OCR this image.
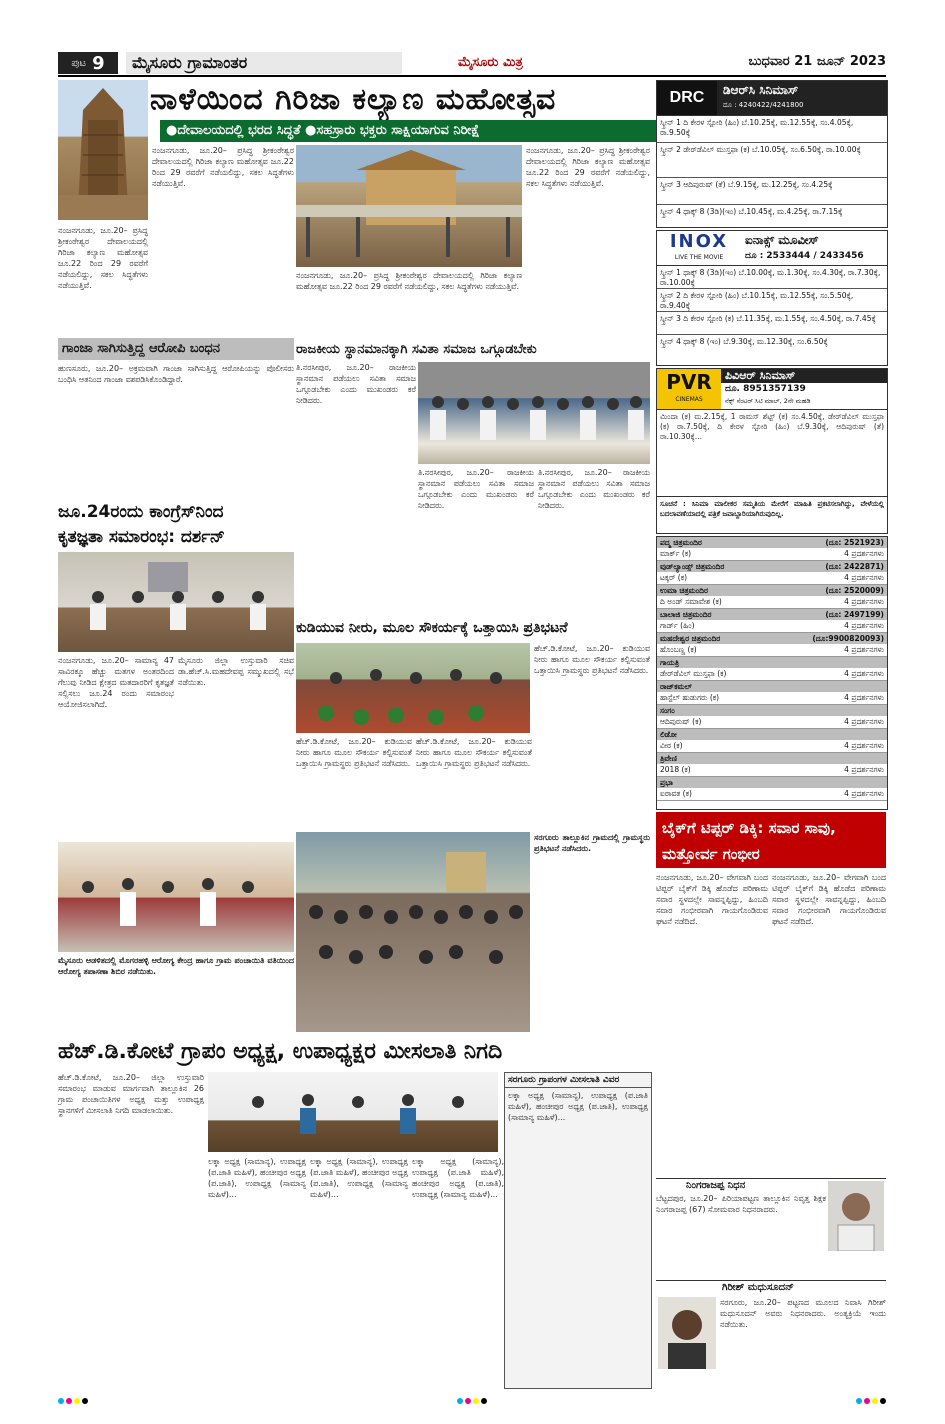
ಪುಟ 9	ಮೈಸೂರು ಗ್ರಾಮಾಂತರ	ಮೈಸೂರು ಮಿತ್ರ	ಬುಧವಾರ 21 ಜೂನ್ 2023
ನಾಳೆಯಿಂದ ಗಿರಿಜಾ ಕಲ್ಯಾಣ ಮಹೋತ್ಸವ
●ದೇವಾಲಯದಲ್ಲಿ ಭರದ ಸಿದ್ಧತೆ ●ಸಹಸ್ರಾರು ಭಕ್ತರು ಸಾಕ್ಷಿಯಾಗುವ ನಿರೀಕ್ಷೆ
ನಂಜನಗೂಡು, ಜೂ.20– ಪ್ರಸಿದ್ಧ ಶ್ರೀಕಂಠೇಶ್ವರ ದೇವಾಲಯದಲ್ಲಿ ಗಿರಿಜಾ ಕಲ್ಯಾಣ ಮಹೋತ್ಸವ ಜೂ.22 ರಿಂದ 29 ರವರೆಗೆ ನಡೆಯಲಿದ್ದು, ಸಕಲ ಸಿದ್ಧತೆಗಳು ನಡೆಯುತ್ತಿವೆ.
ನಂಜನಗೂಡು, ಜೂ.20– ಪ್ರಸಿದ್ಧ ಶ್ರೀಕಂಠೇಶ್ವರ ದೇವಾಲಯದಲ್ಲಿ ಗಿರಿಜಾ ಕಲ್ಯಾಣ ಮಹೋತ್ಸವ ಜೂ.22 ರಿಂದ 29 ರವರೆಗೆ ನಡೆಯಲಿದ್ದು, ಸಕಲ ಸಿದ್ಧತೆಗಳು ನಡೆಯುತ್ತಿವೆ.
ನಂಜನಗೂಡು, ಜೂ.20– ಪ್ರಸಿದ್ಧ ಶ್ರೀಕಂಠೇಶ್ವರ ದೇವಾಲಯದಲ್ಲಿ ಗಿರಿಜಾ ಕಲ್ಯಾಣ ಮಹೋತ್ಸವ ಜೂ.22 ರಿಂದ 29 ರವರೆಗೆ ನಡೆಯಲಿದ್ದು, ಸಕಲ ಸಿದ್ಧತೆಗಳು ನಡೆಯುತ್ತಿವೆ.
ನಂಜನಗೂಡು, ಜೂ.20– ಪ್ರಸಿದ್ಧ ಶ್ರೀಕಂಠೇಶ್ವರ ದೇವಾಲಯದಲ್ಲಿ ಗಿರಿಜಾ ಕಲ್ಯಾಣ ಮಹೋತ್ಸವ ಜೂ.22 ರಿಂದ 29 ರವರೆಗೆ ನಡೆಯಲಿದ್ದು, ಸಕಲ ಸಿದ್ಧತೆಗಳು ನಡೆಯುತ್ತಿವೆ.
ಗಾಂಜಾ ಸಾಗಿಸುತ್ತಿದ್ದ ಆರೋಪಿ ಬಂಧನ
ಹುಣಸೂರು, ಜೂ.20– ಅಕ್ರಮವಾಗಿ ಗಾಂಜಾ ಸಾಗಿಸುತ್ತಿದ್ದ ಆರೋಪಿಯನ್ನು ಪೊಲೀಸರು ಬಂಧಿಸಿ ಆತನಿಂದ ಗಾಂಜಾ ವಶಪಡಿಸಿಕೊಂಡಿದ್ದಾರೆ.
ರಾಜಕೀಯ ಸ್ಥಾನಮಾನಕ್ಕಾಗಿ ಸವಿತಾ ಸಮಾಜ ಒಗ್ಗೂಡಬೇಕು
ತಿ.ನರಸೀಪುರ, ಜೂ.20– ರಾಜಕೀಯ ಸ್ಥಾನಮಾನ ಪಡೆಯಲು ಸವಿತಾ ಸಮಾಜ ಒಗ್ಗೂಡಬೇಕು ಎಂದು ಮುಖಂಡರು ಕರೆ ನೀಡಿದರು.
ತಿ.ನರಸೀಪುರ, ಜೂ.20– ರಾಜಕೀಯ ಸ್ಥಾನಮಾನ ಪಡೆಯಲು ಸವಿತಾ ಸಮಾಜ ಒಗ್ಗೂಡಬೇಕು ಎಂದು ಮುಖಂಡರು ಕರೆ ನೀಡಿದರು.
ತಿ.ನರಸೀಪುರ, ಜೂ.20– ರಾಜಕೀಯ ಸ್ಥಾನಮಾನ ಪಡೆಯಲು ಸವಿತಾ ಸಮಾಜ ಒಗ್ಗೂಡಬೇಕು ಎಂದು ಮುಖಂಡರು ಕರೆ ನೀಡಿದರು.
ಜೂ.24ರಂದು ಕಾಂಗ್ರೆಸ್‌ನಿಂದ
ಕೃತಜ್ಞತಾ ಸಮಾರಂಭ: ದರ್ಶನ್
ನಂಜನಗೂಡು, ಜೂ.20– ಸಾಮಾನ್ಯ 47 ಸಾವಿರಕ್ಕೂ ಹೆಚ್ಚು ಮತಗಳ ಅಂತರದಿಂದ ಗೆಲುವು ನೀಡಿದ ಕ್ಷೇತ್ರದ ಮತದಾರರಿಗೆ ಕೃತಜ್ಞತೆ ಸಲ್ಲಿಸಲು ಜೂ.24 ರಂದು ಸಮಾರಂಭ ಆಯೋಜಿಸಲಾಗಿದೆ.
ಮೈಸೂರು ಜಿಲ್ಲಾ ಉಸ್ತುವಾರಿ ಸಚಿವ ಡಾ.ಹೆಚ್.ಸಿ.ಮಹದೇವಪ್ಪ ಸಮ್ಮುಖದಲ್ಲಿ ಸಭೆ ನಡೆಯಿತು.
ಕುಡಿಯುವ ನೀರು, ಮೂಲ ಸೌಕರ್ಯಕ್ಕೆ ಒತ್ತಾಯಿಸಿ ಪ್ರತಿಭಟನೆ
ಹೆಚ್.ಡಿ.ಕೋಟೆ, ಜೂ.20– ಕುಡಿಯುವ ನೀರು ಹಾಗೂ ಮೂಲ ಸೌಕರ್ಯ ಕಲ್ಪಿಸುವಂತೆ ಒತ್ತಾಯಿಸಿ ಗ್ರಾಮಸ್ಥರು ಪ್ರತಿಭಟನೆ ನಡೆಸಿದರು.
ಹೆಚ್.ಡಿ.ಕೋಟೆ, ಜೂ.20– ಕುಡಿಯುವ ನೀರು ಹಾಗೂ ಮೂಲ ಸೌಕರ್ಯ ಕಲ್ಪಿಸುವಂತೆ ಒತ್ತಾಯಿಸಿ ಗ್ರಾಮಸ್ಥರು ಪ್ರತಿಭಟನೆ ನಡೆಸಿದರು.
ಹೆಚ್.ಡಿ.ಕೋಟೆ, ಜೂ.20– ಕುಡಿಯುವ ನೀರು ಹಾಗೂ ಮೂಲ ಸೌಕರ್ಯ ಕಲ್ಪಿಸುವಂತೆ ಒತ್ತಾಯಿಸಿ ಗ್ರಾಮಸ್ಥರು ಪ್ರತಿಭಟನೆ ನಡೆಸಿದರು.
ಮೈಸೂರು ಆಡಳಿತದಲ್ಲಿ ಮೊಗರಹಳ್ಳಿ ಆರೋಗ್ಯ ಕೇಂದ್ರ ಹಾಗೂ ಗ್ರಾಮ ಪಂಚಾಯಿತಿ ವತಿಯಿಂದ ಆರೋಗ್ಯ ತಪಾಸಣಾ ಶಿಬಿರ ನಡೆಯಿತು.
ಸರಗೂರು ತಾಲ್ಲೂಕಿನ ಗ್ರಾಮದಲ್ಲಿ ಗ್ರಾಮಸ್ಥರು ಪ್ರತಿಭಟನೆ ನಡೆಸಿದರು.
ಹೆಚ್.ಡಿ.ಕೋಟೆ ಗ್ರಾಪಂ ಅಧ್ಯಕ್ಷ, ಉಪಾಧ್ಯಕ್ಷರ ಮೀಸಲಾತಿ ನಿಗದಿ
ಹೆಚ್.ಡಿ.ಕೋಟೆ, ಜೂ.20– ಜಿಲ್ಲಾ ಉಸ್ತುವಾರಿ ಸಮಾರಂಭ ಮಾಡುವ ಮಾರ್ಗವಾಗಿ ತಾಲ್ಲೂಕಿನ 26 ಗ್ರಾಮ ಪಂಚಾಯಿತಿಗಳ ಅಧ್ಯಕ್ಷ ಮತ್ತು ಉಪಾಧ್ಯಕ್ಷ ಸ್ಥಾನಗಳಿಗೆ ಮೀಸಲಾತಿ ನಿಗದಿ ಮಾಡಲಾಯಿತು.
ಲಕ್ಕಾ ಅಧ್ಯಕ್ಷ (ಸಾಮಾನ್ಯ), ಉಪಾಧ್ಯಕ್ಷ (ಪ.ಜಾತಿ ಮಹಿಳೆ), ಹಂಚೀಪುರ ಅಧ್ಯಕ್ಷ (ಪ.ಜಾತಿ), ಉಪಾಧ್ಯಕ್ಷ (ಸಾಮಾನ್ಯ ಮಹಿಳೆ)...
ಲಕ್ಕಾ ಅಧ್ಯಕ್ಷ (ಸಾಮಾನ್ಯ), ಉಪಾಧ್ಯಕ್ಷ (ಪ.ಜಾತಿ ಮಹಿಳೆ), ಹಂಚೀಪುರ ಅಧ್ಯಕ್ಷ (ಪ.ಜಾತಿ), ಉಪಾಧ್ಯಕ್ಷ (ಸಾಮಾನ್ಯ ಮಹಿಳೆ)...
ಲಕ್ಕಾ ಅಧ್ಯಕ್ಷ (ಸಾಮಾನ್ಯ), ಉಪಾಧ್ಯಕ್ಷ (ಪ.ಜಾತಿ ಮಹಿಳೆ), ಹಂಚೀಪುರ ಅಧ್ಯಕ್ಷ (ಪ.ಜಾತಿ), ಉಪಾಧ್ಯಕ್ಷ (ಸಾಮಾನ್ಯ ಮಹಿಳೆ)...
ಸರಗೂರು ಗ್ರಾಪಂಗಳ ಮೀಸಲಾತಿ ವಿವರ
ಲಕ್ಕಾ ಅಧ್ಯಕ್ಷ (ಸಾಮಾನ್ಯ), ಉಪಾಧ್ಯಕ್ಷ (ಪ.ಜಾತಿ ಮಹಿಳೆ), ಹಂಚೀಪುರ ಅಧ್ಯಕ್ಷ (ಪ.ಜಾತಿ), ಉಪಾಧ್ಯಕ್ಷ (ಸಾಮಾನ್ಯ ಮಹಿಳೆ)...
DRC	ಡಿಆರ್‌ಸಿ ಸಿನಿಮಾಸ್
ದೂ : 4240422/4241800
ಸ್ಕ್ರೀನ್ 1 ದಿ ಕೇರಳ ಸ್ಟೋರಿ (ಹಿಂ) ಬೆ.10.25ಕ್ಕೆ, ಮ.12.55ಕ್ಕೆ, ಸಂ.4.05ಕ್ಕೆ, ರಾ.9.50ಕ್ಕೆ
ಸ್ಕ್ರೀನ್ 2 ಡೇರ್‌ಡೆವಿಲ್ ಮುಸ್ತಫಾ (ಕ) ಬೆ.10.05ಕ್ಕೆ, ಸಂ.6.50ಕ್ಕೆ, ರಾ.10.00ಕ್ಕೆ
ಸ್ಕ್ರೀನ್ 3 ಆದಿಪುರುಷ್ (ತೆ) ಬೆ.9.15ಕ್ಕೆ, ಮ.12.25ಕ್ಕೆ, ಸಂ.4.25ಕ್ಕೆ
ಸ್ಕ್ರೀನ್ 4 ಧಾಕ್ಕ್ 8 (3ಡಿ)(ಇಂ) ಬೆ.10.45ಕ್ಕೆ, ಮ.4.25ಕ್ಕೆ, ರಾ.7.15ಕ್ಕೆ
INOX
LIVE THE MOVIE
ಐನಾಕ್ಸ್ ಮೂವೀಸ್
ದೂ : 2533444 / 2433456
ಸ್ಕ್ರೀನ್ 1 ಧಾಕ್ಕ್ 8 (3ಡಿ)(ಇಂ) ಬೆ.10.00ಕ್ಕೆ, ಮ.1.30ಕ್ಕೆ, ಸಂ.4.30ಕ್ಕೆ, ರಾ.7.30ಕ್ಕೆ, ರಾ.10.00ಕ್ಕೆ
ಸ್ಕ್ರೀನ್ 2 ದಿ ಕೇರಳ ಸ್ಟೋರಿ (ಹಿಂ) ಬೆ.10.15ಕ್ಕೆ, ಮ.12.55ಕ್ಕೆ, ಸಂ.5.50ಕ್ಕೆ, ರಾ.9.40ಕ್ಕೆ
ಸ್ಕ್ರೀನ್ 3 ದಿ ಕೇರಳ ಸ್ಟೋರಿ (ಕ) ಬೆ.11.35ಕ್ಕೆ, ಮ.1.55ಕ್ಕೆ, ಸಂ.4.50ಕ್ಕೆ, ರಾ.7.45ಕ್ಕೆ
ಸ್ಕ್ರೀನ್ 4 ಧಾಕ್ಕ್ 8 (ಇಂ) ಬೆ.9.30ಕ್ಕೆ, ಮ.12.30ಕ್ಕೆ, ಸಂ.6.50ಕ್ಕೆ
PVR
CINEMAS
ಪಿವಿಆರ್ ಸಿನಿಮಾಸ್
ದೂ. 8951357139
ನೆಕ್ಸ್ ಸೆಂಟರ್ ಸಿಟಿ ಮಾಲ್, 2ನೇ ಮಹಡಿ
ಮಿಂದಾ (ಕ) ಮ.2.15ಕ್ಕೆ, 1 ರಾಮಸ್ ಶೆಟ್ಟ್ (ಕ) ಸಂ.4.50ಕ್ಕೆ, ಡೇರ್‌ಡೆವಿಲ್ ಮುಸ್ತಫಾ (ಕ) ರಾ.7.50ಕ್ಕೆ, ದಿ ಕೇರಳ ಸ್ಟೋರಿ (ಹಿಂ) ಬೆ.9.30ಕ್ಕೆ, ಆದಿಪುರುಷ್ (ತೆ) ರಾ.10.30ಕ್ಕೆ...
ಸೂಚನೆ : ಸಿನಿಮಾ ಮಾಲೀಕರ ಸಮ್ಮತಿಯ ಮೇರೆಗೆ ಮಾಹಿತಿ ಪ್ರಕಟಿಸಲಾಗಿದ್ದು, ವೇಳೆಯಲ್ಲಿ ಬದಲಾವಣೆಯಾದಲ್ಲಿ ಪತ್ರಿಕೆ ಜವಾಬ್ದಾರಿಯಾಗಿರುವುದಿಲ್ಲ.
ಪದ್ಮ ಚಿತ್ರಮಂದಿರ	(ದೂ: 2521923)
ಮಾರ್ಕ್ (ಕ)	4 ಪ್ರದರ್ಶನಗಳು
ವುಡ್‌ಲ್ಯಾಂಡ್ಸ್ ಚಿತ್ರಮಂದಿರ	(ದೂ: 2422871)
ಟಕ್ಕರ್ (ಕ)	4 ಪ್ರದರ್ಶನಗಳು
ಉಮಾ ಚಿತ್ರಮಂದಿರ	(ದೂ: 2520009)
ದಿ ಅಂಡ್ ಸಮಾವೇಶ (ಕ)	4 ಪ್ರದರ್ಶನಗಳು
ಬಾಲಾಜಿ ಚಿತ್ರಮಂದಿರ	(ದೂ: 2497199)
ಗಾರ್ಡ್ (ಹಿಂ)	4 ಪ್ರದರ್ಶನಗಳು
ಮಹದೇಶ್ವರ ಚಿತ್ರಮಂದಿರ	(ದೂ:9900820093)
ಹೊಂಬಣ್ಣ (ಕ)	4 ಪ್ರದರ್ಶನಗಳು
ಗಾಯತ್ರಿ
ಡೇರ್‌ಡೆವಿಲ್ ಮುಸ್ತಫಾ (ಕ)	4 ಪ್ರದರ್ಶನಗಳು
ರಾಜ್‌ಕಮಲ್
ಹಾಸ್ಟೆಲ್ ಹುಡುಗರು (ಕ)	4 ಪ್ರದರ್ಶನಗಳು
ಸಂಗಂ
ಆದಿಪುರುಷ್ (ಕ)	4 ಪ್ರದರ್ಶನಗಳು
ಲಿಡೋ
ವೀರ (ಕ)	4 ಪ್ರದರ್ಶನಗಳು
ತ್ರಿವೇಣಿ
2018 (ಕ)	4 ಪ್ರದರ್ಶನಗಳು
ಪ್ರಭಾ
ಐರಾವತ (ಕ)	4 ಪ್ರದರ್ಶನಗಳು
ಬೈಕ್‌ಗೆ ಟಿಪ್ಪರ್ ಡಿಕ್ಕಿ: ಸವಾರ ಸಾವು, ಮತ್ತೋರ್ವ ಗಂಭೀರ
ನಂಜನಗೂಡು, ಜೂ.20– ವೇಗವಾಗಿ ಬಂದ ಟಿಪ್ಪರ್ ಬೈಕ್‌ಗೆ ಡಿಕ್ಕಿ ಹೊಡೆದ ಪರಿಣಾಮ ಸವಾರ ಸ್ಥಳದಲ್ಲೇ ಸಾವನ್ನಪ್ಪಿದ್ದು, ಹಿಂಬದಿ ಸವಾರ ಗಂಭೀರವಾಗಿ ಗಾಯಗೊಂಡಿರುವ ಘಟನೆ ನಡೆದಿದೆ.
ನಂಜನಗೂಡು, ಜೂ.20– ವೇಗವಾಗಿ ಬಂದ ಟಿಪ್ಪರ್ ಬೈಕ್‌ಗೆ ಡಿಕ್ಕಿ ಹೊಡೆದ ಪರಿಣಾಮ ಸವಾರ ಸ್ಥಳದಲ್ಲೇ ಸಾವನ್ನಪ್ಪಿದ್ದು, ಹಿಂಬದಿ ಸವಾರ ಗಂಭೀರವಾಗಿ ಗಾಯಗೊಂಡಿರುವ ಘಟನೆ ನಡೆದಿದೆ.
ನಿಂಗರಾಜಪ್ಪ ನಿಧನ
ಬೆಟ್ಟದಪುರ, ಜೂ.20– ಪಿರಿಯಾಪಟ್ಟಣ ತಾಲ್ಲೂಕಿನ ನಿವೃತ್ತ ಶಿಕ್ಷಕ ನಿಂಗರಾಜಪ್ಪ (67) ಸೋಮವಾರ ನಿಧನರಾದರು.
ಗಿರೀಶ್ ಮಧುಸೂದನ್
ಸರಗೂರು, ಜೂ.20– ಪಟ್ಟಣದ ಮೂಲದ ನಿವಾಸಿ ಗಿರೀಶ್ ಮಧುಸೂದನ್ ಅವರು ನಿಧನರಾದರು. ಅಂತ್ಯಕ್ರಿಯೆ ಇಂದು ನಡೆಯಿತು.
